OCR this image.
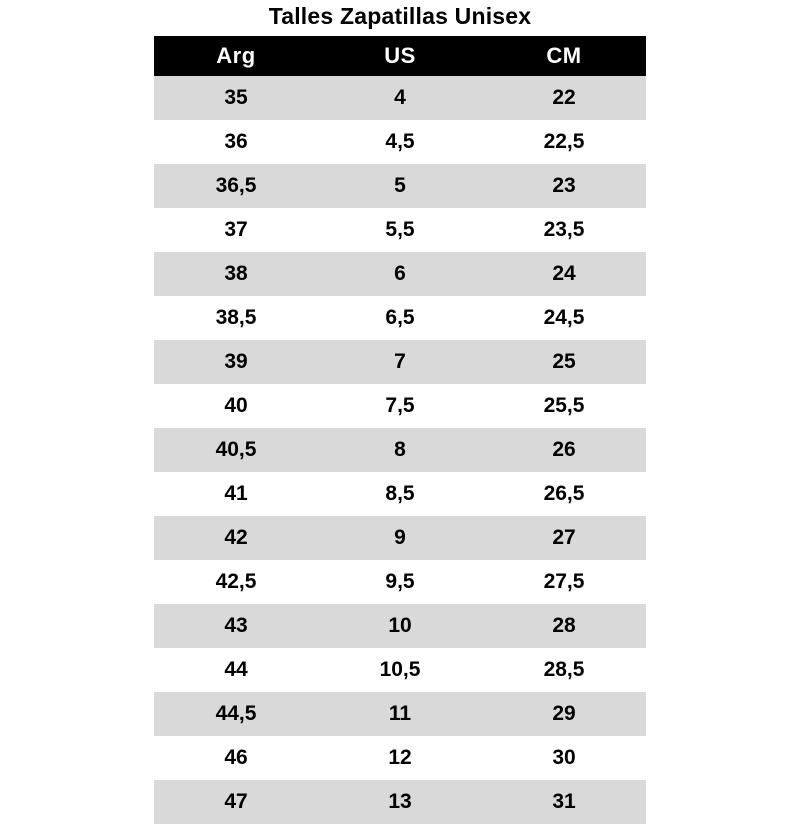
Talles Zapatillas Unisex
Arg	US	CM
35	4	22
36	4,5	22,5
36,5	5	23
37	5,5	23,5
38	6	24
38,5	6,5	24,5
39	7	25
40	7,5	25,5
40,5	8	26
41	8,5	26,5
42	9	27
42,5	9,5	27,5
43	10	28
44	10,5	28,5
44,5	11	29
46	12	30
47	13	31
